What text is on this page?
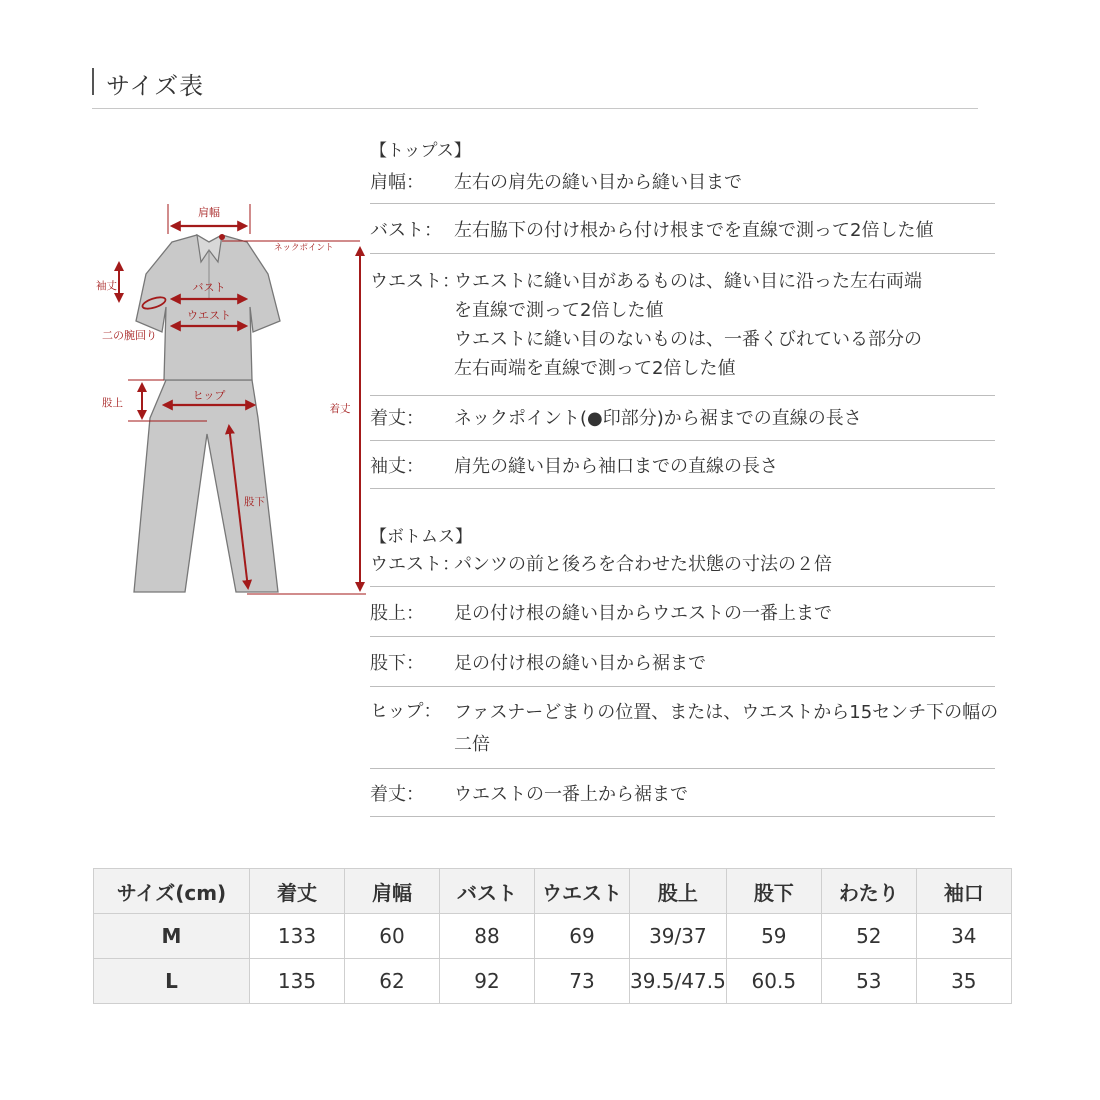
サイズ表
肩幅
ネックポイント
着丈
袖丈
二の腕回り
バスト
ウエスト
股上
ヒップ
股下
【トップス】
肩幅： 左右の肩先の縫い目から縫い目まで
バスト： 左右脇下の付け根から付け根までを直線で測って2倍した値
ウエスト：
ウエストに縫い目があるものは、縫い目に沿った左右両端
を直線で測って2倍した値
ウエストに縫い目のないものは、一番くびれている部分の
左右両端を直線で測って2倍した値
着丈： ネックポイント(●印部分)から裾までの直線の長さ
袖丈： 肩先の縫い目から袖口までの直線の長さ
【ボトムス】
ウエスト：
パンツの前と後ろを合わせた状態の寸法の２倍
股上： 足の付け根の縫い目からウエストの一番上まで
股下： 足の付け根の縫い目から裾まで
ヒップ： ファスナーどまりの位置、または、ウエストから15センチ下の幅の
二倍
着丈： ウエストの一番上から裾まで
サイズ(cm)	着丈	肩幅	バスト	ウエスト	股上	股下	わたり	袖口
M	133	60	88	69	39/37	59	52	34
L	135	62	92	73	39.5/47.5	60.5	53	35
